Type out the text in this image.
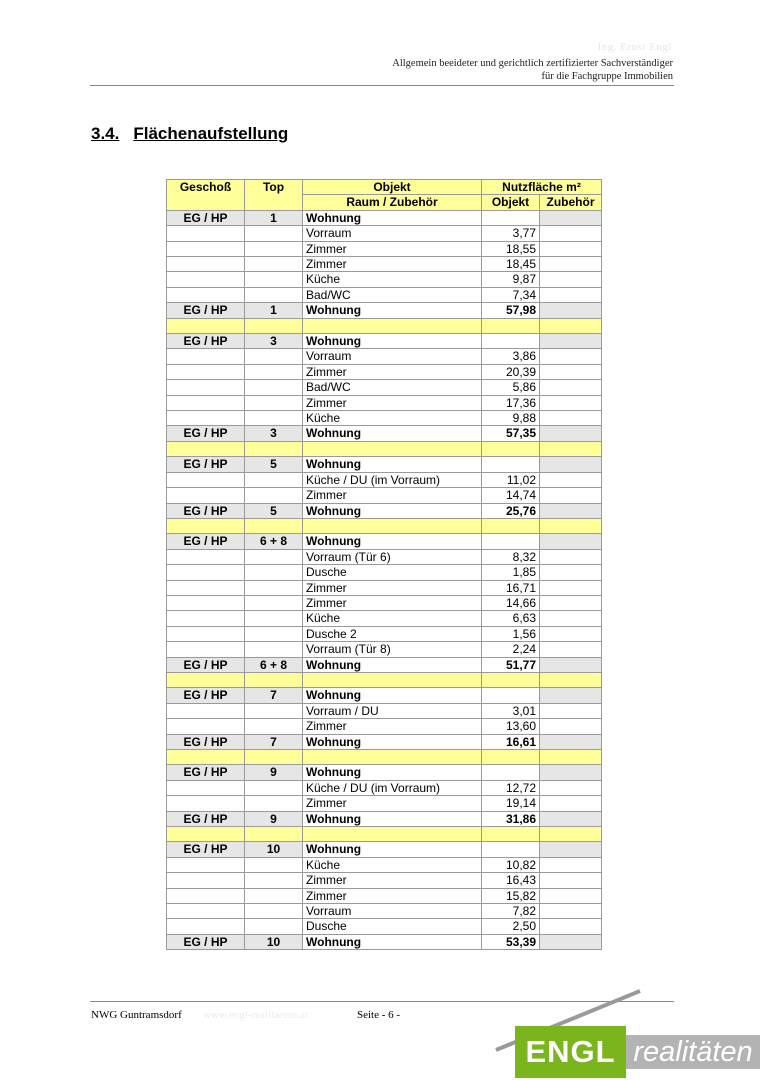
Ing. Ernst Engl
Allgemein beeideter und gerichtlich zertifizierter Sachverständiger
für die Fachgruppe Immobilien
3.4. Flächenaufstellung
Geschoß	Top	Objekt	Nutzfläche m²	
		Raum / Zubehör	Objekt	Zubehör
EG / HP	1	Wohnung		
		Vorraum	3,77	
		Zimmer	18,55	
		Zimmer	18,45	
		Küche	9,87	
		Bad/WC	7,34	
EG / HP	1	Wohnung	57,98	

EG / HP	3	Wohnung		
		Vorraum	3,86	
		Zimmer	20,39	
		Bad/WC	5,86	
		Zimmer	17,36	
		Küche	9,88	
EG / HP	3	Wohnung	57,35	

EG / HP	5	Wohnung		
		Küche / DU (im Vorraum)	11,02	
		Zimmer	14,74	
EG / HP	5	Wohnung	25,76	

EG / HP	6 + 8	Wohnung		
		Vorraum (Tür 6)	8,32	
		Dusche	1,85	
		Zimmer	16,71	
		Zimmer	14,66	
		Küche	6,63	
		Dusche 2	1,56	
		Vorraum (Tür 8)	2,24	
EG / HP	6 + 8	Wohnung	51,77	

EG / HP	7	Wohnung		
		Vorraum / DU	3,01	
		Zimmer	13,60	
EG / HP	7	Wohnung	16,61	

EG / HP	9	Wohnung		
		Küche / DU (im Vorraum)	12,72	
		Zimmer	19,14	
EG / HP	9	Wohnung	31,86	

EG / HP	10	Wohnung		
		Küche	10,82	
		Zimmer	16,43	
		Zimmer	15,82	
		Vorraum	7,82	
		Dusche	2,50	
EG / HP	10	Wohnung	53,39	
NWG Guntramsdorf www.engl-realitaeten.at	Seite - 6 -
ENGL realitäten
